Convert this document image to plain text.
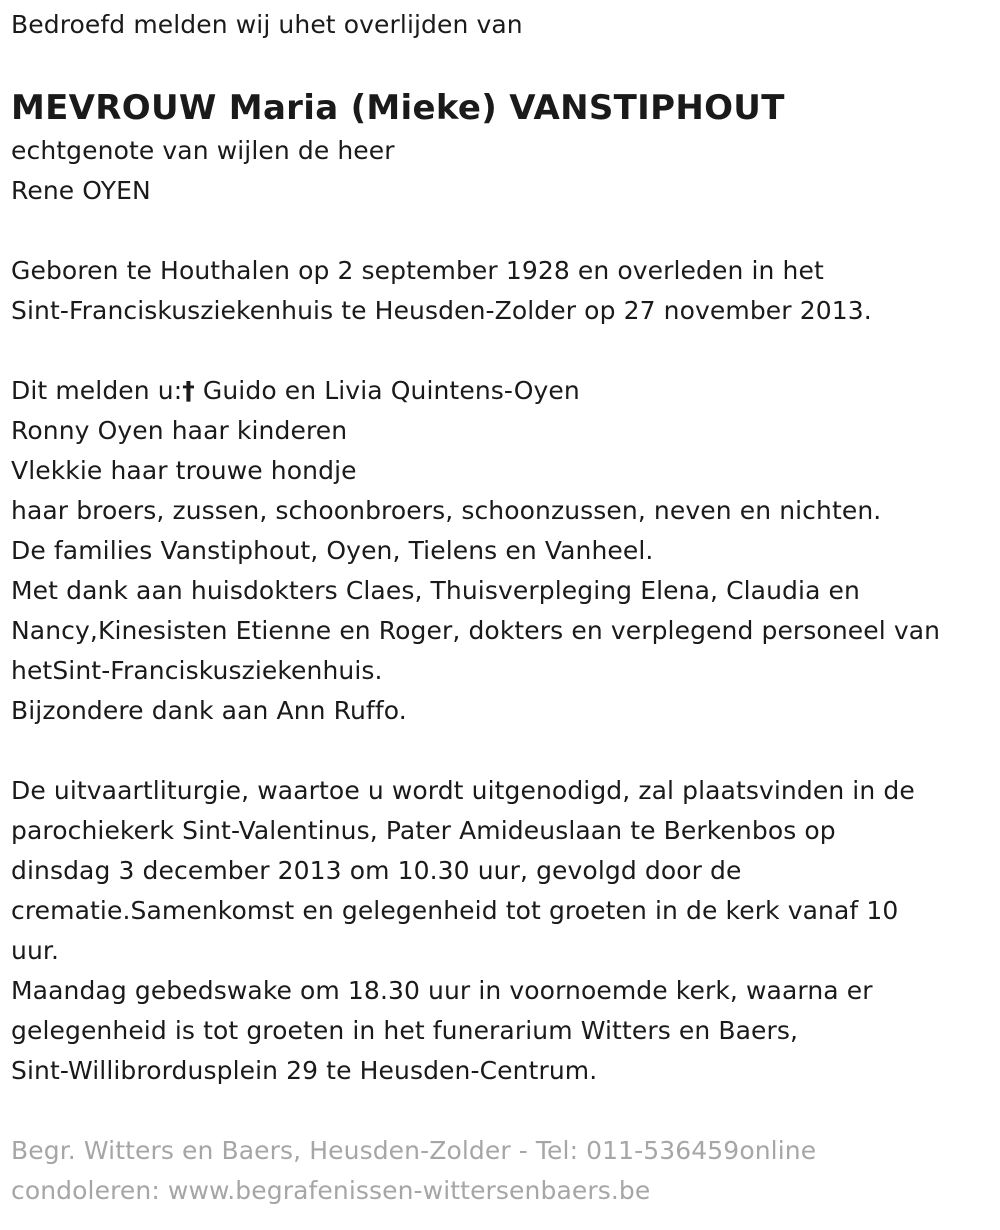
Bedroefd melden wij uhet overlijden van
MEVROUW Maria (Mieke) VANSTIPHOUT
echtgenote van wijlen de heer
Rene OYEN
Geboren te Houthalen op 2 september 1928 en overleden in het
Sint-Franciskusziekenhuis te Heusden-Zolder op 27 november 2013.
Dit melden u:† Guido en Livia Quintens-Oyen
Ronny Oyen haar kinderen
Vlekkie haar trouwe hondje
haar broers, zussen, schoonbroers, schoonzussen, neven en nichten.
De families Vanstiphout, Oyen, Tielens en Vanheel.
Met dank aan huisdokters Claes, Thuisverpleging Elena, Claudia en
Nancy,Kinesisten Etienne en Roger, dokters en verplegend personeel van
hetSint-Franciskusziekenhuis.
Bijzondere dank aan Ann Ruffo.
De uitvaartliturgie, waartoe u wordt uitgenodigd, zal plaatsvinden in de
parochiekerk Sint-Valentinus, Pater Amideuslaan te Berkenbos op
dinsdag 3 december 2013 om 10.30 uur, gevolgd door de
crematie.Samenkomst en gelegenheid tot groeten in de kerk vanaf 10
uur.
Maandag gebedswake om 18.30 uur in voornoemde kerk, waarna er
gelegenheid is tot groeten in het funerarium Witters en Baers,
Sint-Willibrordusplein 29 te Heusden-Centrum.
Begr. Witters en Baers, Heusden-Zolder - Tel: 011-536459online
condoleren: www.begrafenissen-wittersenbaers.be
